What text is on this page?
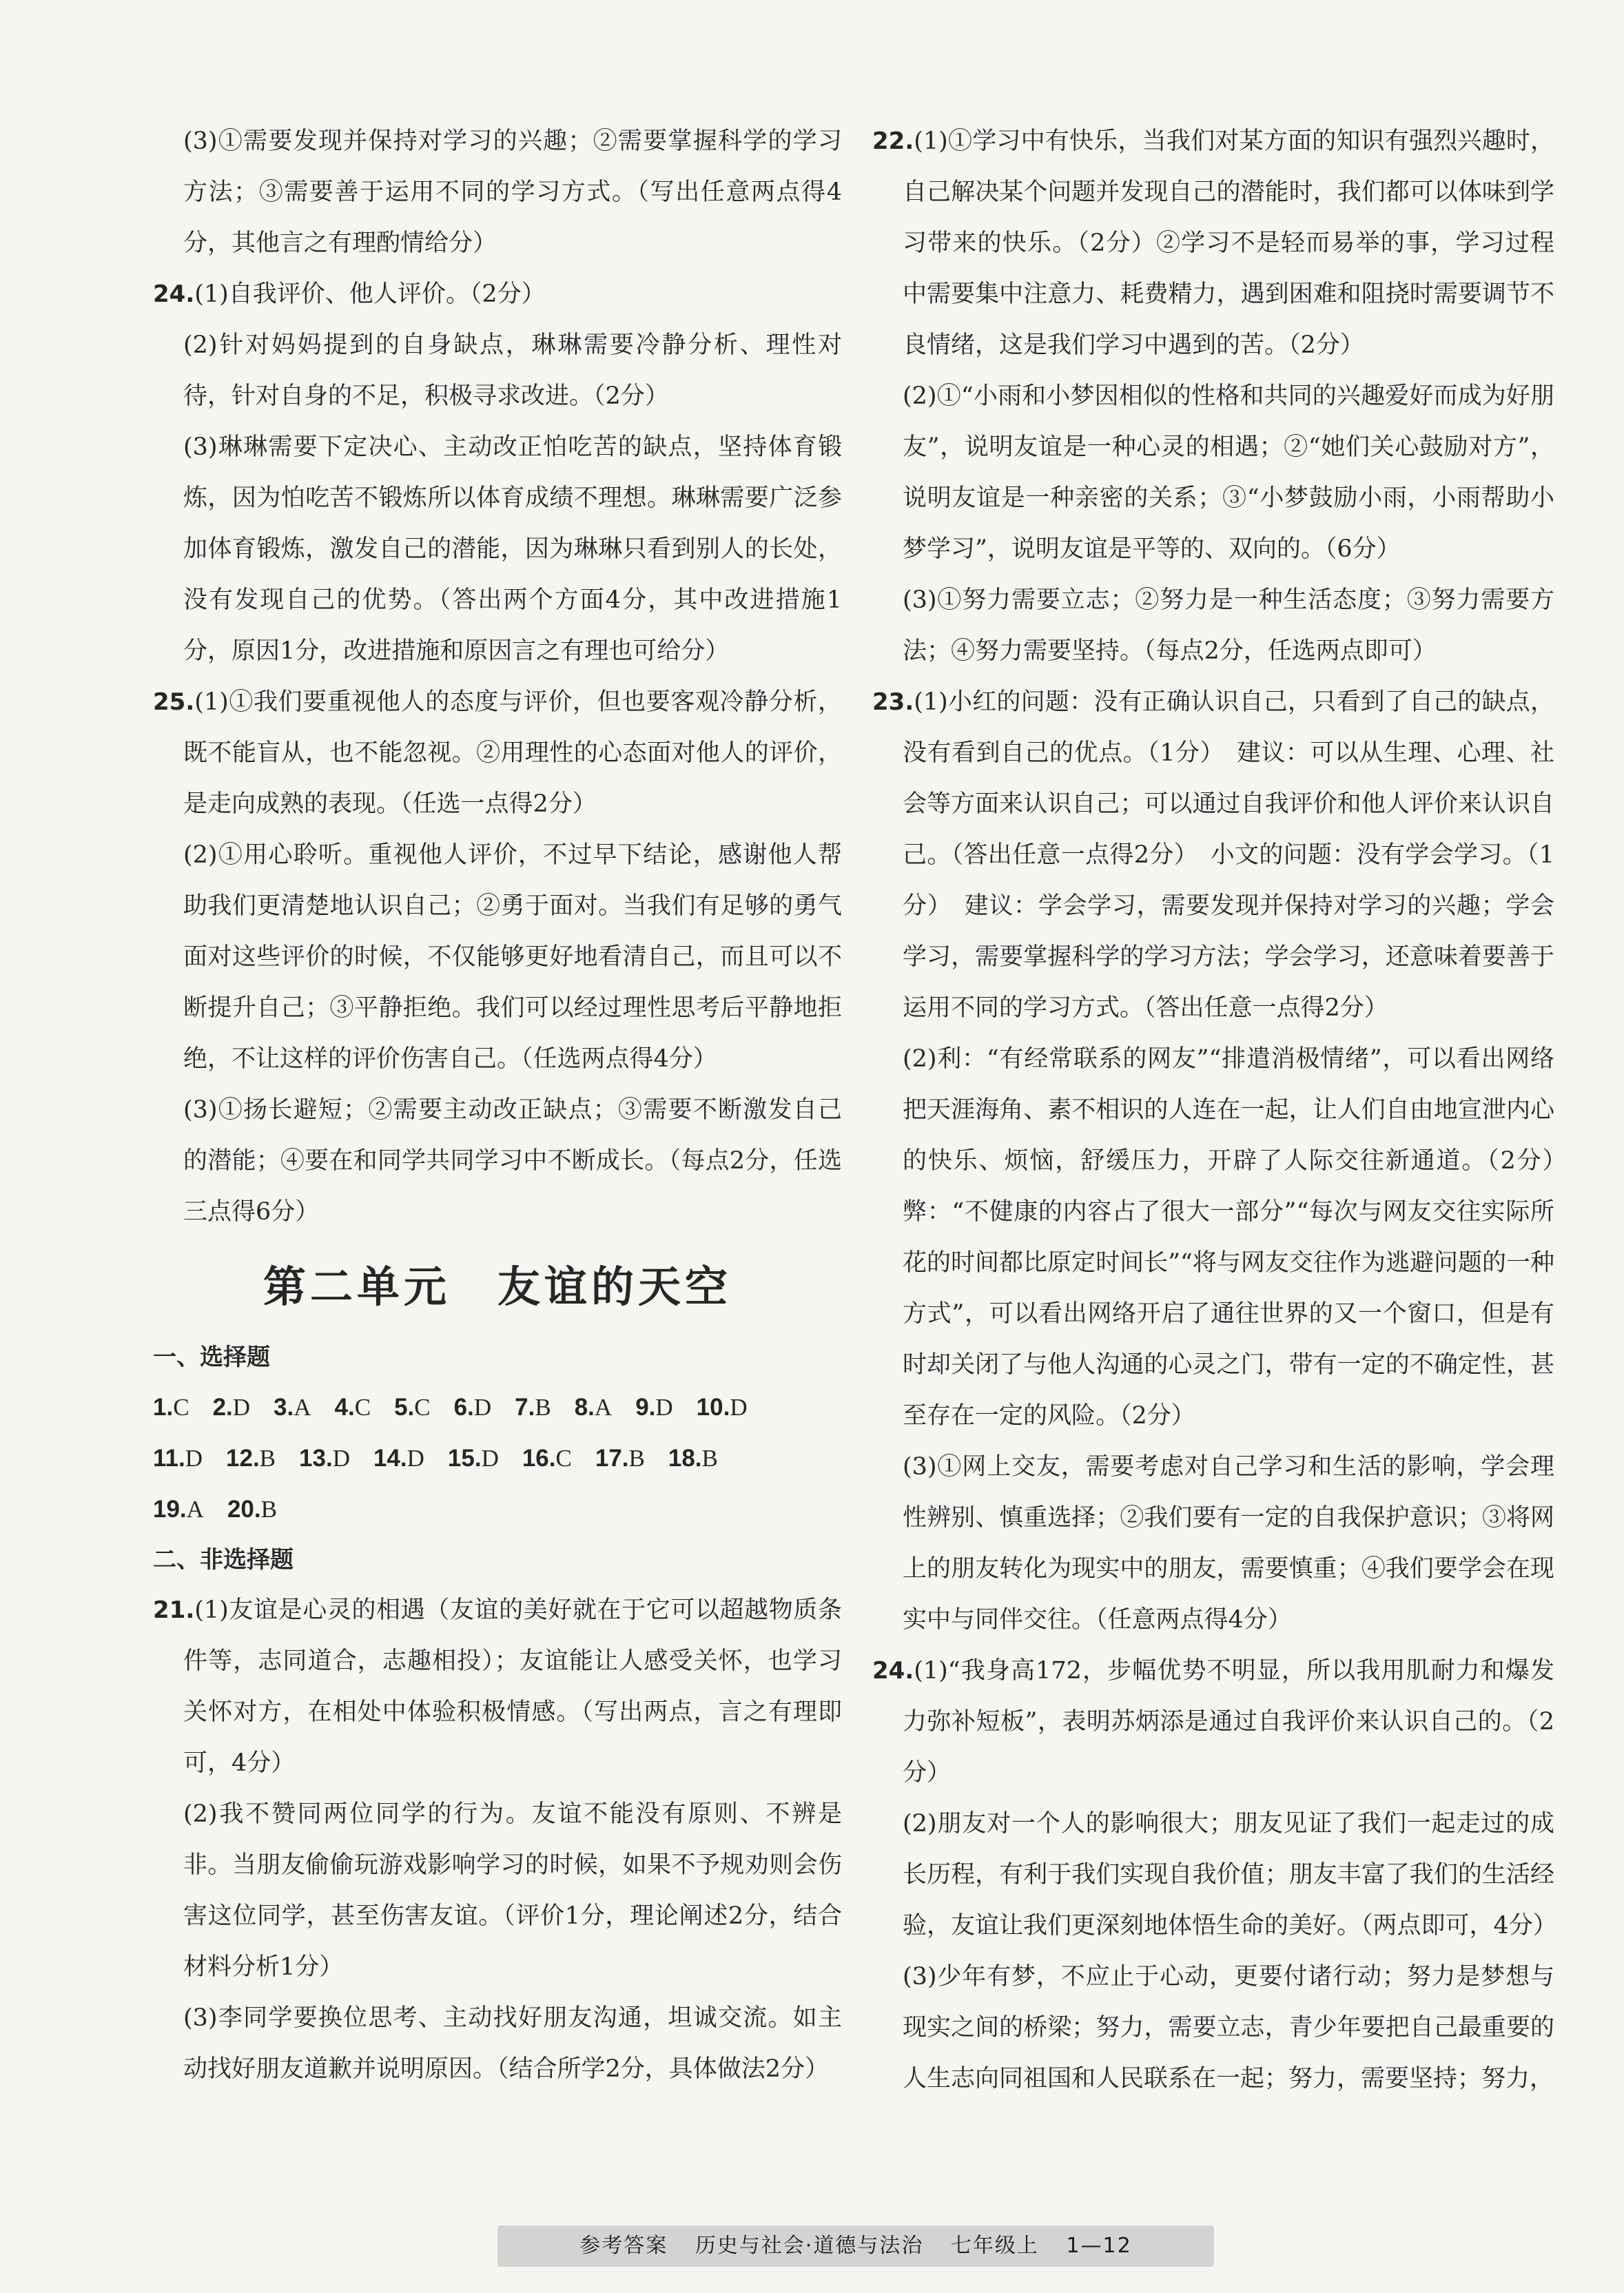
(3)①需要发现并保持对学习的兴趣；②需要掌握科学的学习方法；③需要善于运用不同的学习方式。（写出任意两点得4分，其他言之有理酌情给分）

24.(1)自我评价、他人评价。（2分）

(2)针对妈妈提到的自身缺点，琳琳需要冷静分析、理性对待，针对自身的不足，积极寻求改进。（2分）

(3)琳琳需要下定决心、主动改正怕吃苦的缺点，坚持体育锻炼，因为怕吃苦不锻炼所以体育成绩不理想。琳琳需要广泛参加体育锻炼，激发自己的潜能，因为琳琳只看到别人的长处，没有发现自己的优势。（答出两个方面4分，其中改进措施1分，原因1分，改进措施和原因言之有理也可给分）

25.(1)①我们要重视他人的态度与评价，但也要客观冷静分析，既不能盲从，也不能忽视。②用理性的心态面对他人的评价，是走向成熟的表现。（任选一点得2分）

(2)①用心聆听。重视他人评价，不过早下结论，感谢他人帮助我们更清楚地认识自己；②勇于面对。当我们有足够的勇气面对这些评价的时候，不仅能够更好地看清自己，而且可以不断提升自己；③平静拒绝。我们可以经过理性思考后平静地拒绝，不让这样的评价伤害自己。（任选两点得4分）

(3)①扬长避短；②需要主动改正缺点；③需要不断激发自己的潜能；④要在和同学共同学习中不断成长。（每点2分，任选三点得6分）

第二单元　友谊的天空
一、选择题
1.C 2.D 3.A 4.C 5.C 6.D 7.B 8.A 9.D 10.D
11.D 12.B 13.D 14.D 15.D 16.C 17.B 18.B
19.A 20.B
二、非选择题

21.(1)友谊是心灵的相遇（友谊的美好就在于它可以超越物质条件等，志同道合，志趣相投）；友谊能让人感受关怀，也学习关怀对方，在相处中体验积极情感。（写出两点，言之有理即可，4分）

(2)我不赞同两位同学的行为。友谊不能没有原则、不辨是非。当朋友偷偷玩游戏影响学习的时候，如果不予规劝则会伤害这位同学，甚至伤害友谊。（评价1分，理论阐述2分，结合材料分析1分）

(3)李同学要换位思考、主动找好朋友沟通，坦诚交流。如主动找好朋友道歉并说明原因。（结合所学2分，具体做法2分）

22.(1)①学习中有快乐，当我们对某方面的知识有强烈兴趣时，自己解决某个问题并发现自己的潜能时，我们都可以体味到学习带来的快乐。（2分）②学习不是轻而易举的事，学习过程中需要集中注意力、耗费精力，遇到困难和阻挠时需要调节不良情绪，这是我们学习中遇到的苦。（2分）

(2)①“小雨和小梦因相似的性格和共同的兴趣爱好而成为好朋友”，说明友谊是一种心灵的相遇；②“她们关心鼓励对方”，说明友谊是一种亲密的关系；③“小梦鼓励小雨，小雨帮助小梦学习”，说明友谊是平等的、双向的。（6分）

(3)①努力需要立志；②努力是一种生活态度；③努力需要方法；④努力需要坚持。（每点2分，任选两点即可）

23.(1)小红的问题：没有正确认识自己，只看到了自己的缺点，没有看到自己的优点。（1分）　建议：可以从生理、心理、社会等方面来认识自己；可以通过自我评价和他人评价来认识自己。（答出任意一点得2分）　小文的问题：没有学会学习。（1分）　建议：学会学习，需要发现并保持对学习的兴趣；学会学习，需要掌握科学的学习方法；学会学习，还意味着要善于运用不同的学习方式。（答出任意一点得2分）

(2)利：“有经常联系的网友”“排遣消极情绪”，可以看出网络把天涯海角、素不相识的人连在一起，让人们自由地宣泄内心的快乐、烦恼，舒缓压力，开辟了人际交往新通道。（2分）　弊：“不健康的内容占了很大一部分”“每次与网友交往实际所花的时间都比原定时间长”“将与网友交往作为逃避问题的一种方式”，可以看出网络开启了通往世界的又一个窗口，但是有时却关闭了与他人沟通的心灵之门，带有一定的不确定性，甚至存在一定的风险。（2分）

(3)①网上交友，需要考虑对自己学习和生活的影响，学会理性辨别、慎重选择；②我们要有一定的自我保护意识；③将网上的朋友转化为现实中的朋友，需要慎重；④我们要学会在现实中与同伴交往。（任意两点得4分）

24.(1)“我身高172，步幅优势不明显，所以我用肌耐力和爆发力弥补短板”，表明苏炳添是通过自我评价来认识自己的。（2分）

(2)朋友对一个人的影响很大；朋友见证了我们一起走过的成长历程，有利于我们实现自我价值；朋友丰富了我们的生活经验，友谊让我们更深刻地体悟生命的美好。（两点即可，4分）

(3)少年有梦，不应止于心动，更要付诸行动；努力是梦想与现实之间的桥梁；努力，需要立志，青少年要把自己最重要的人生志向同祖国和人民联系在一起；努力，需要坚持；努力，

参考答案 历史与社会·道德与法治 七年级上 1—12
